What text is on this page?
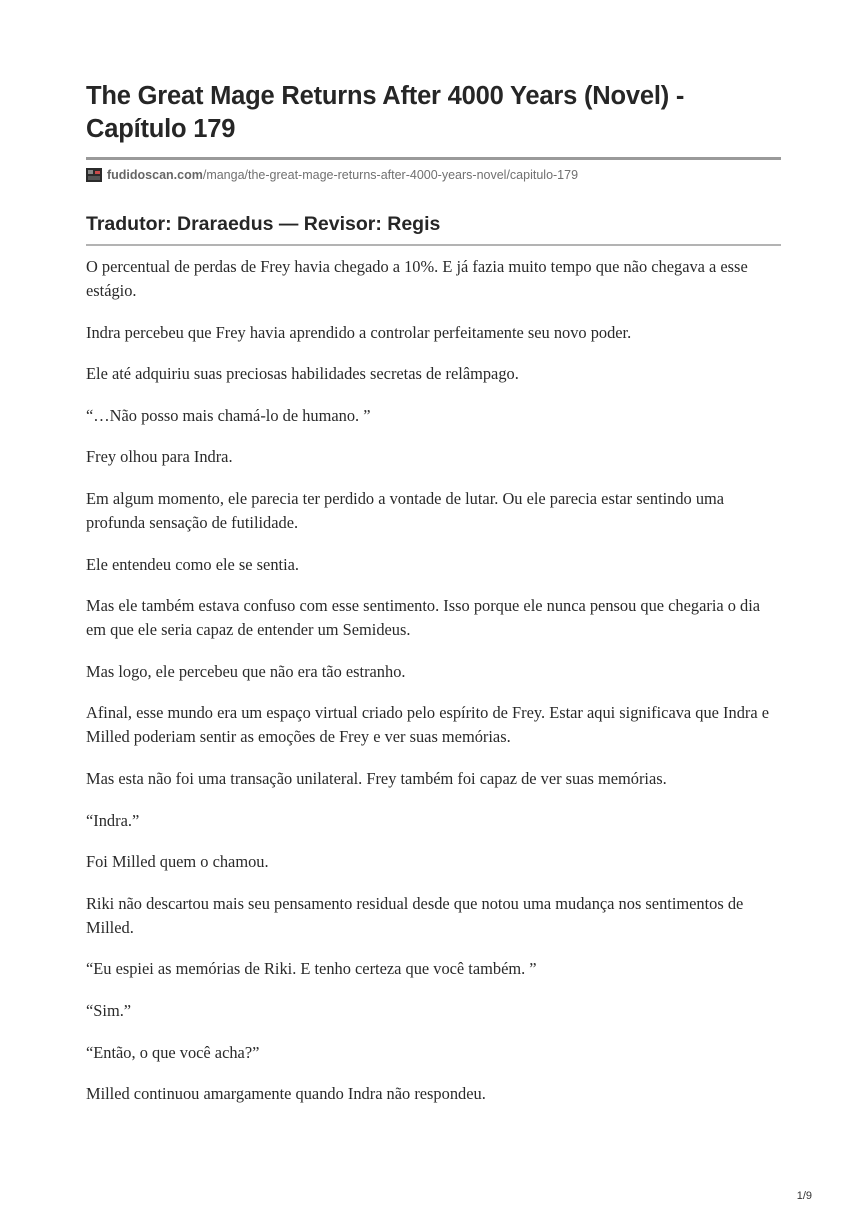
The Great Mage Returns After 4000 Years (Novel) -
Capítulo 179
fudidoscan.com /manga/the-great-mage-returns-after-4000-years-novel/capitulo-179
Tradutor: Draraedus — Revisor: Regis

O percentual de perdas de Frey havia chegado a 10%. E já fazia muito tempo que não chegava a esse estágio.

Indra percebeu que Frey havia aprendido a controlar perfeitamente seu novo poder.

Ele até adquiriu suas preciosas habilidades secretas de relâmpago.

“…Não posso mais chamá-lo de humano. ”

Frey olhou para Indra.

Em algum momento, ele parecia ter perdido a vontade de lutar. Ou ele parecia estar sentindo uma profunda sensação de futilidade.

Ele entendeu como ele se sentia.

Mas ele também estava confuso com esse sentimento. Isso porque ele nunca pensou que chegaria o dia em que ele seria capaz de entender um Semideus.

Mas logo, ele percebeu que não era tão estranho.

Afinal, esse mundo era um espaço virtual criado pelo espírito de Frey. Estar aqui significava que Indra e Milled poderiam sentir as emoções de Frey e ver suas memórias.

Mas esta não foi uma transação unilateral. Frey também foi capaz de ver suas memórias.

“Indra.”

Foi Milled quem o chamou.

Riki não descartou mais seu pensamento residual desde que notou uma mudança nos sentimentos de Milled.

“Eu espiei as memórias de Riki. E tenho certeza que você também. ”

“Sim.”

“Então, o que você acha?”

Milled continuou amargamente quando Indra não respondeu.

1/9
